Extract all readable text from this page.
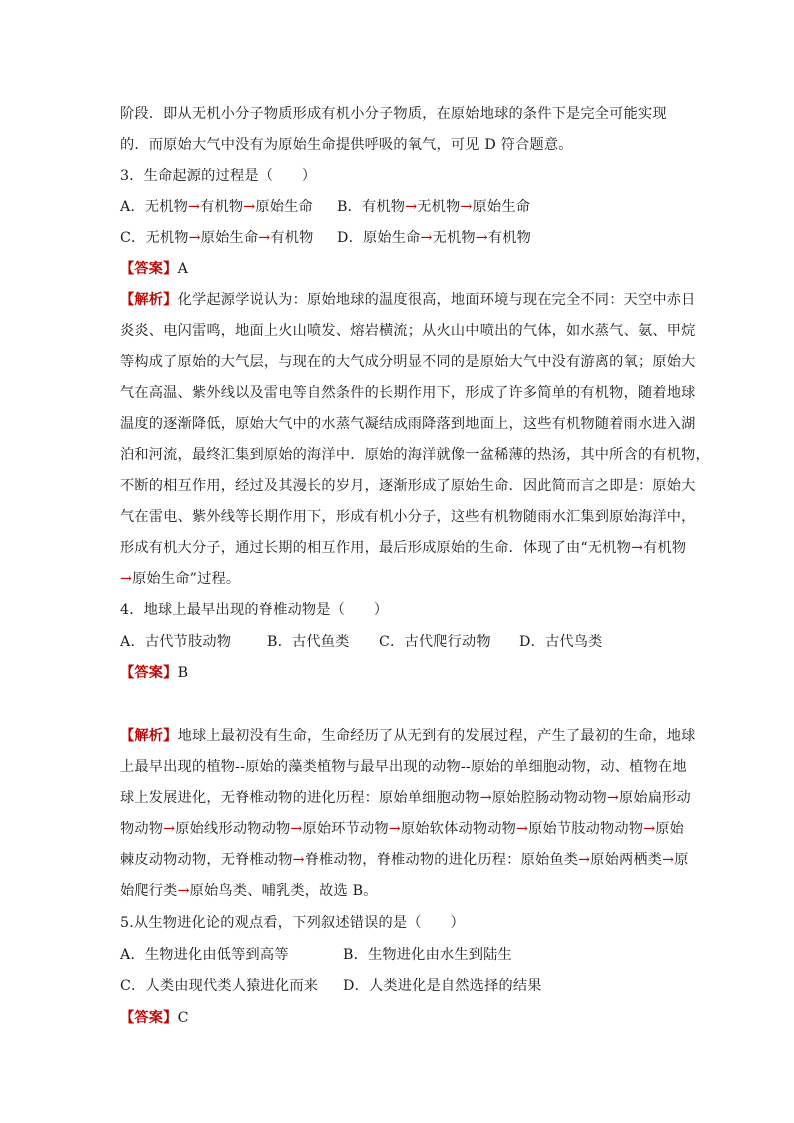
阶段．即从无机小分子物质形成有机小分子物质，在原始地球的条件下是完全可能实现
的．而原始大气中没有为原始生命提供呼吸的氧气，可见 D 符合题意。
3．生命起源的过程是（　　）
A．无机物→有机物→原始生命 B．有机物→无机物→原始生命
C．无机物→原始生命→有机物 D．原始生命→无机物→有机物
【答案】A
【解析】化学起源学说认为：原始地球的温度很高，地面环境与现在完全不同：天空中赤日
炎炎、电闪雷鸣，地面上火山喷发、熔岩横流；从火山中喷出的气体，如水蒸气、氨、甲烷
等构成了原始的大气层，与现在的大气成分明显不同的是原始大气中没有游离的氧；原始大
气在高温、紫外线以及雷电等自然条件的长期作用下，形成了许多简单的有机物，随着地球
温度的逐渐降低，原始大气中的水蒸气凝结成雨降落到地面上，这些有机物随着雨水进入湖
泊和河流，最终汇集到原始的海洋中．原始的海洋就像一盆稀薄的热汤，其中所含的有机物，
不断的相互作用，经过及其漫长的岁月，逐渐形成了原始生命．因此简而言之即是：原始大
气在雷电、紫外线等长期作用下，形成有机小分子，这些有机物随雨水汇集到原始海洋中，
形成有机大分子，通过长期的相互作用，最后形成原始的生命．体现了由“无机物→有机物
→原始生命”过程。
4．地球上最早出现的脊椎动物是（　　）
A．古代节肢动物	B．古代鱼类 C．古代爬行动物 D．古代鸟类
【答案】B
【解析】地球上最初没有生命，生命经历了从无到有的发展过程，产生了最初的生命，地球
上最早出现的植物--原始的藻类植物与最早出现的动物--原始的单细胞动物，动、植物在地
球上发展进化，无脊椎动物的进化历程：原始单细胞动物→原始腔肠动物动物→原始扁形动
物动物→原始线形动物动物→原始环节动物→原始软体动物动物→原始节肢动物动物→原始
棘皮动物动物，无脊椎动物→脊椎动物，脊椎动物的进化历程：原始鱼类→原始两栖类→原
始爬行类→原始鸟类、哺乳类，故选 B。
5.从生物进化论的观点看，下列叙述错误的是（　　）
A．生物进化由低等到高等	B．生物进化由水生到陆生
C．人类由现代类人猿进化而来 D．人类进化是自然选择的结果
【答案】C
